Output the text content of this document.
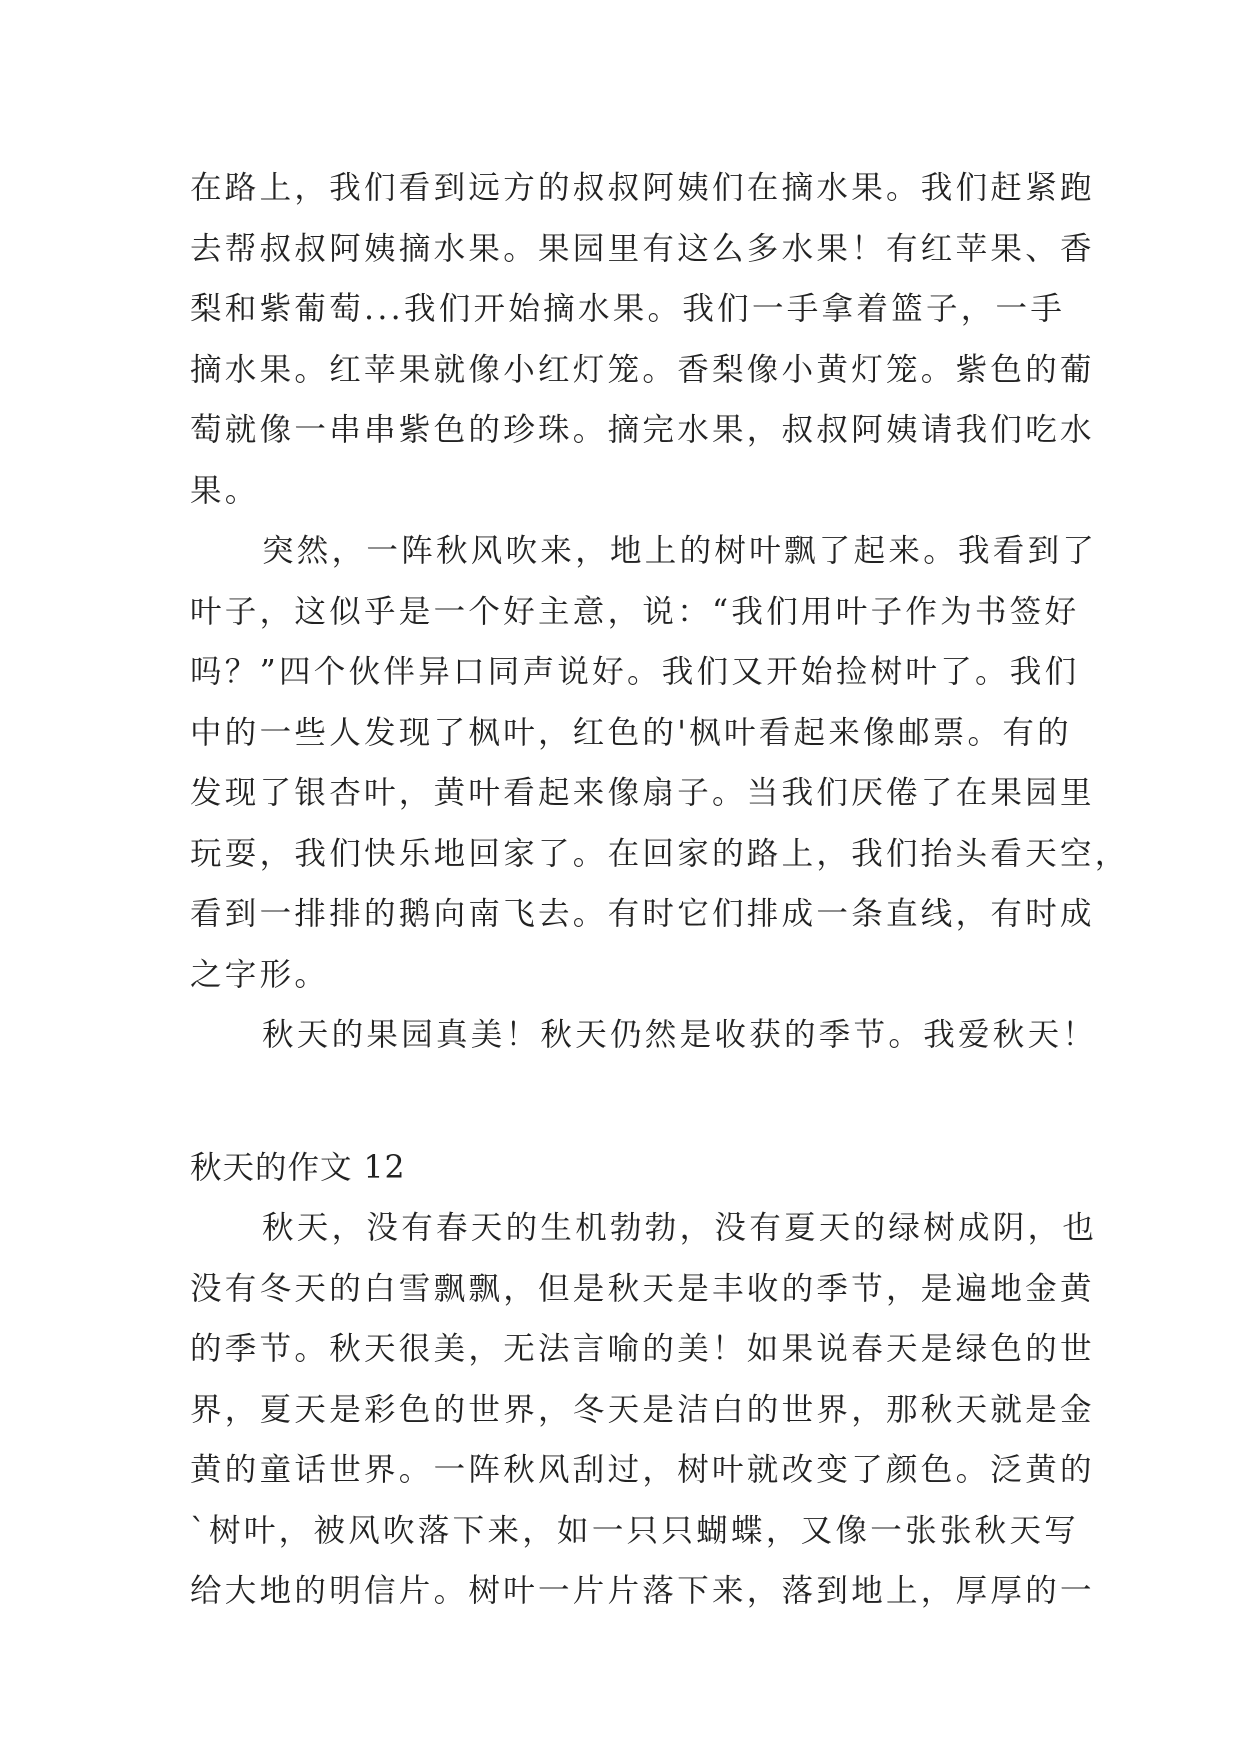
在路上，我们看到远方的叔叔阿姨们在摘水果。我们赶紧跑
去帮叔叔阿姨摘水果。果园里有这么多水果！有红苹果、香
梨和紫葡萄...我们开始摘水果。我们一手拿着篮子，一手
摘水果。红苹果就像小红灯笼。香梨像小黄灯笼。紫色的葡
萄就像一串串紫色的珍珠。摘完水果，叔叔阿姨请我们吃水
果。
突然，一阵秋风吹来，地上的树叶飘了起来。我看到了
叶子，这似乎是一个好主意，说：“我们用叶子作为书签好
吗？”四个伙伴异口同声说好。我们又开始捡树叶了。我们
中的一些人发现了枫叶，红色的'枫叶看起来像邮票。有的
发现了银杏叶，黄叶看起来像扇子。当我们厌倦了在果园里
玩耍，我们快乐地回家了。在回家的路上，我们抬头看天空，
看到一排排的鹅向南飞去。有时它们排成一条直线，有时成
之字形。
秋天的果园真美！秋天仍然是收获的季节。我爱秋天！
秋天的作文 12
秋天，没有春天的生机勃勃，没有夏天的绿树成阴，也
没有冬天的白雪飘飘，但是秋天是丰收的季节，是遍地金黄
的季节。秋天很美，无法言喻的美！如果说春天是绿色的世
界，夏天是彩色的世界，冬天是洁白的世界，那秋天就是金
黄的童话世界。一阵秋风刮过，树叶就改变了颜色。泛黄的
`树叶，被风吹落下来，如一只只蝴蝶，又像一张张秋天写
给大地的明信片。树叶一片片落下来，落到地上，厚厚的一
